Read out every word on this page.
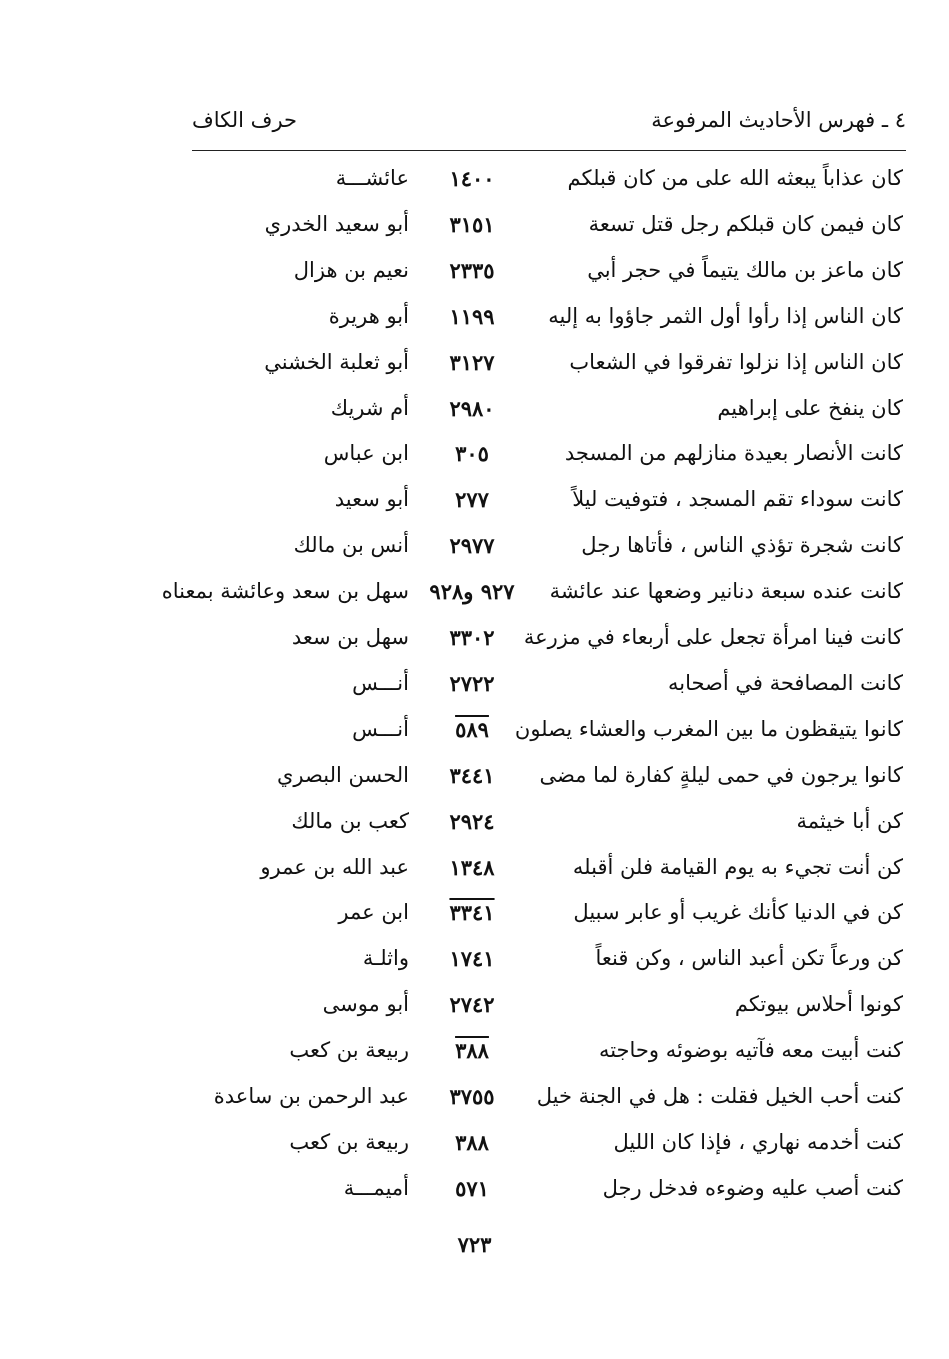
٤ ـ فهرس الأحاديث المرفوعة
حرف الكاف
كان عذاباً يبعثه الله على من كان قبلكم
١٤٠٠
عائشـــة
كان فيمن كان قبلكم رجل قتل تسعة
٣١٥١
أبو سعيد الخدري
كان ماعز بن مالك يتيماً في حجر أبي
٢٣٣٥
نعيم بن هزال
كان الناس إذا رأوا أول الثمر جاؤوا به إليه
١١٩٩
أبو هريرة
كان الناس إذا نزلوا تفرقوا في الشعاب
٣١٢٧
أبو ثعلبة الخشني
كان ينفخ على إبراهيم
٢٩٨٠
أم شريك
كانت الأنصار بعيدة منازلهم من المسجد
٣٠٥
ابن عباس
كانت سوداء تقم المسجد ، فتوفيت ليلاً
٢٧٧
أبو سعيد
كانت شجرة تؤذي الناس ، فأتاها رجل
٢٩٧٧
أنس بن مالك
كانت عنده سبعة دنانير وضعها عند عائشة
٩٢٧ و٩٢٨
سهل بن سعد وعائشة بمعناه
كانت فينا امرأة تجعل على أربعاء في مزرعة
٣٣٠٢
سهل بن سعد
كانت المصافحة في أصحابه
٢٧٢٢
أنـــس
كانوا يتيقظون ما بين المغرب والعشاء يصلون
٥٨٩
أنـــس
كانوا يرجون في حمى ليلةٍ كفارة لما مضى
٣٤٤١
الحسن البصري
كن أبا خيثمة
٢٩٢٤
كعب بن مالك
كن أنت تجيء به يوم القيامة فلن أقبله
١٣٤٨
عبد الله بن عمرو
كن في الدنيا كأنك غريب أو عابر سبيل
٣٣٤١
ابن عمر
كن ورعاً تكن أعبد الناس ، وكن قنعاً
١٧٤١
واثلـة
كونوا أحلاس بيوتكم
٢٧٤٢
أبو موسى
كنت أبيت معه فآتيه بوضوئه وحاجته
٣٨٨
ربيعة بن كعب
كنت أحب الخيل فقلت : هل في الجنة خيل
٣٧٥٥
عبد الرحمن بن ساعدة
كنت أخدمه نهاري ، فإذا كان الليل
٣٨٨
ربيعة بن كعب
كنت أصب عليه وضوءه فدخل رجل
٥٧١
أميمـــة
٧٢٣
